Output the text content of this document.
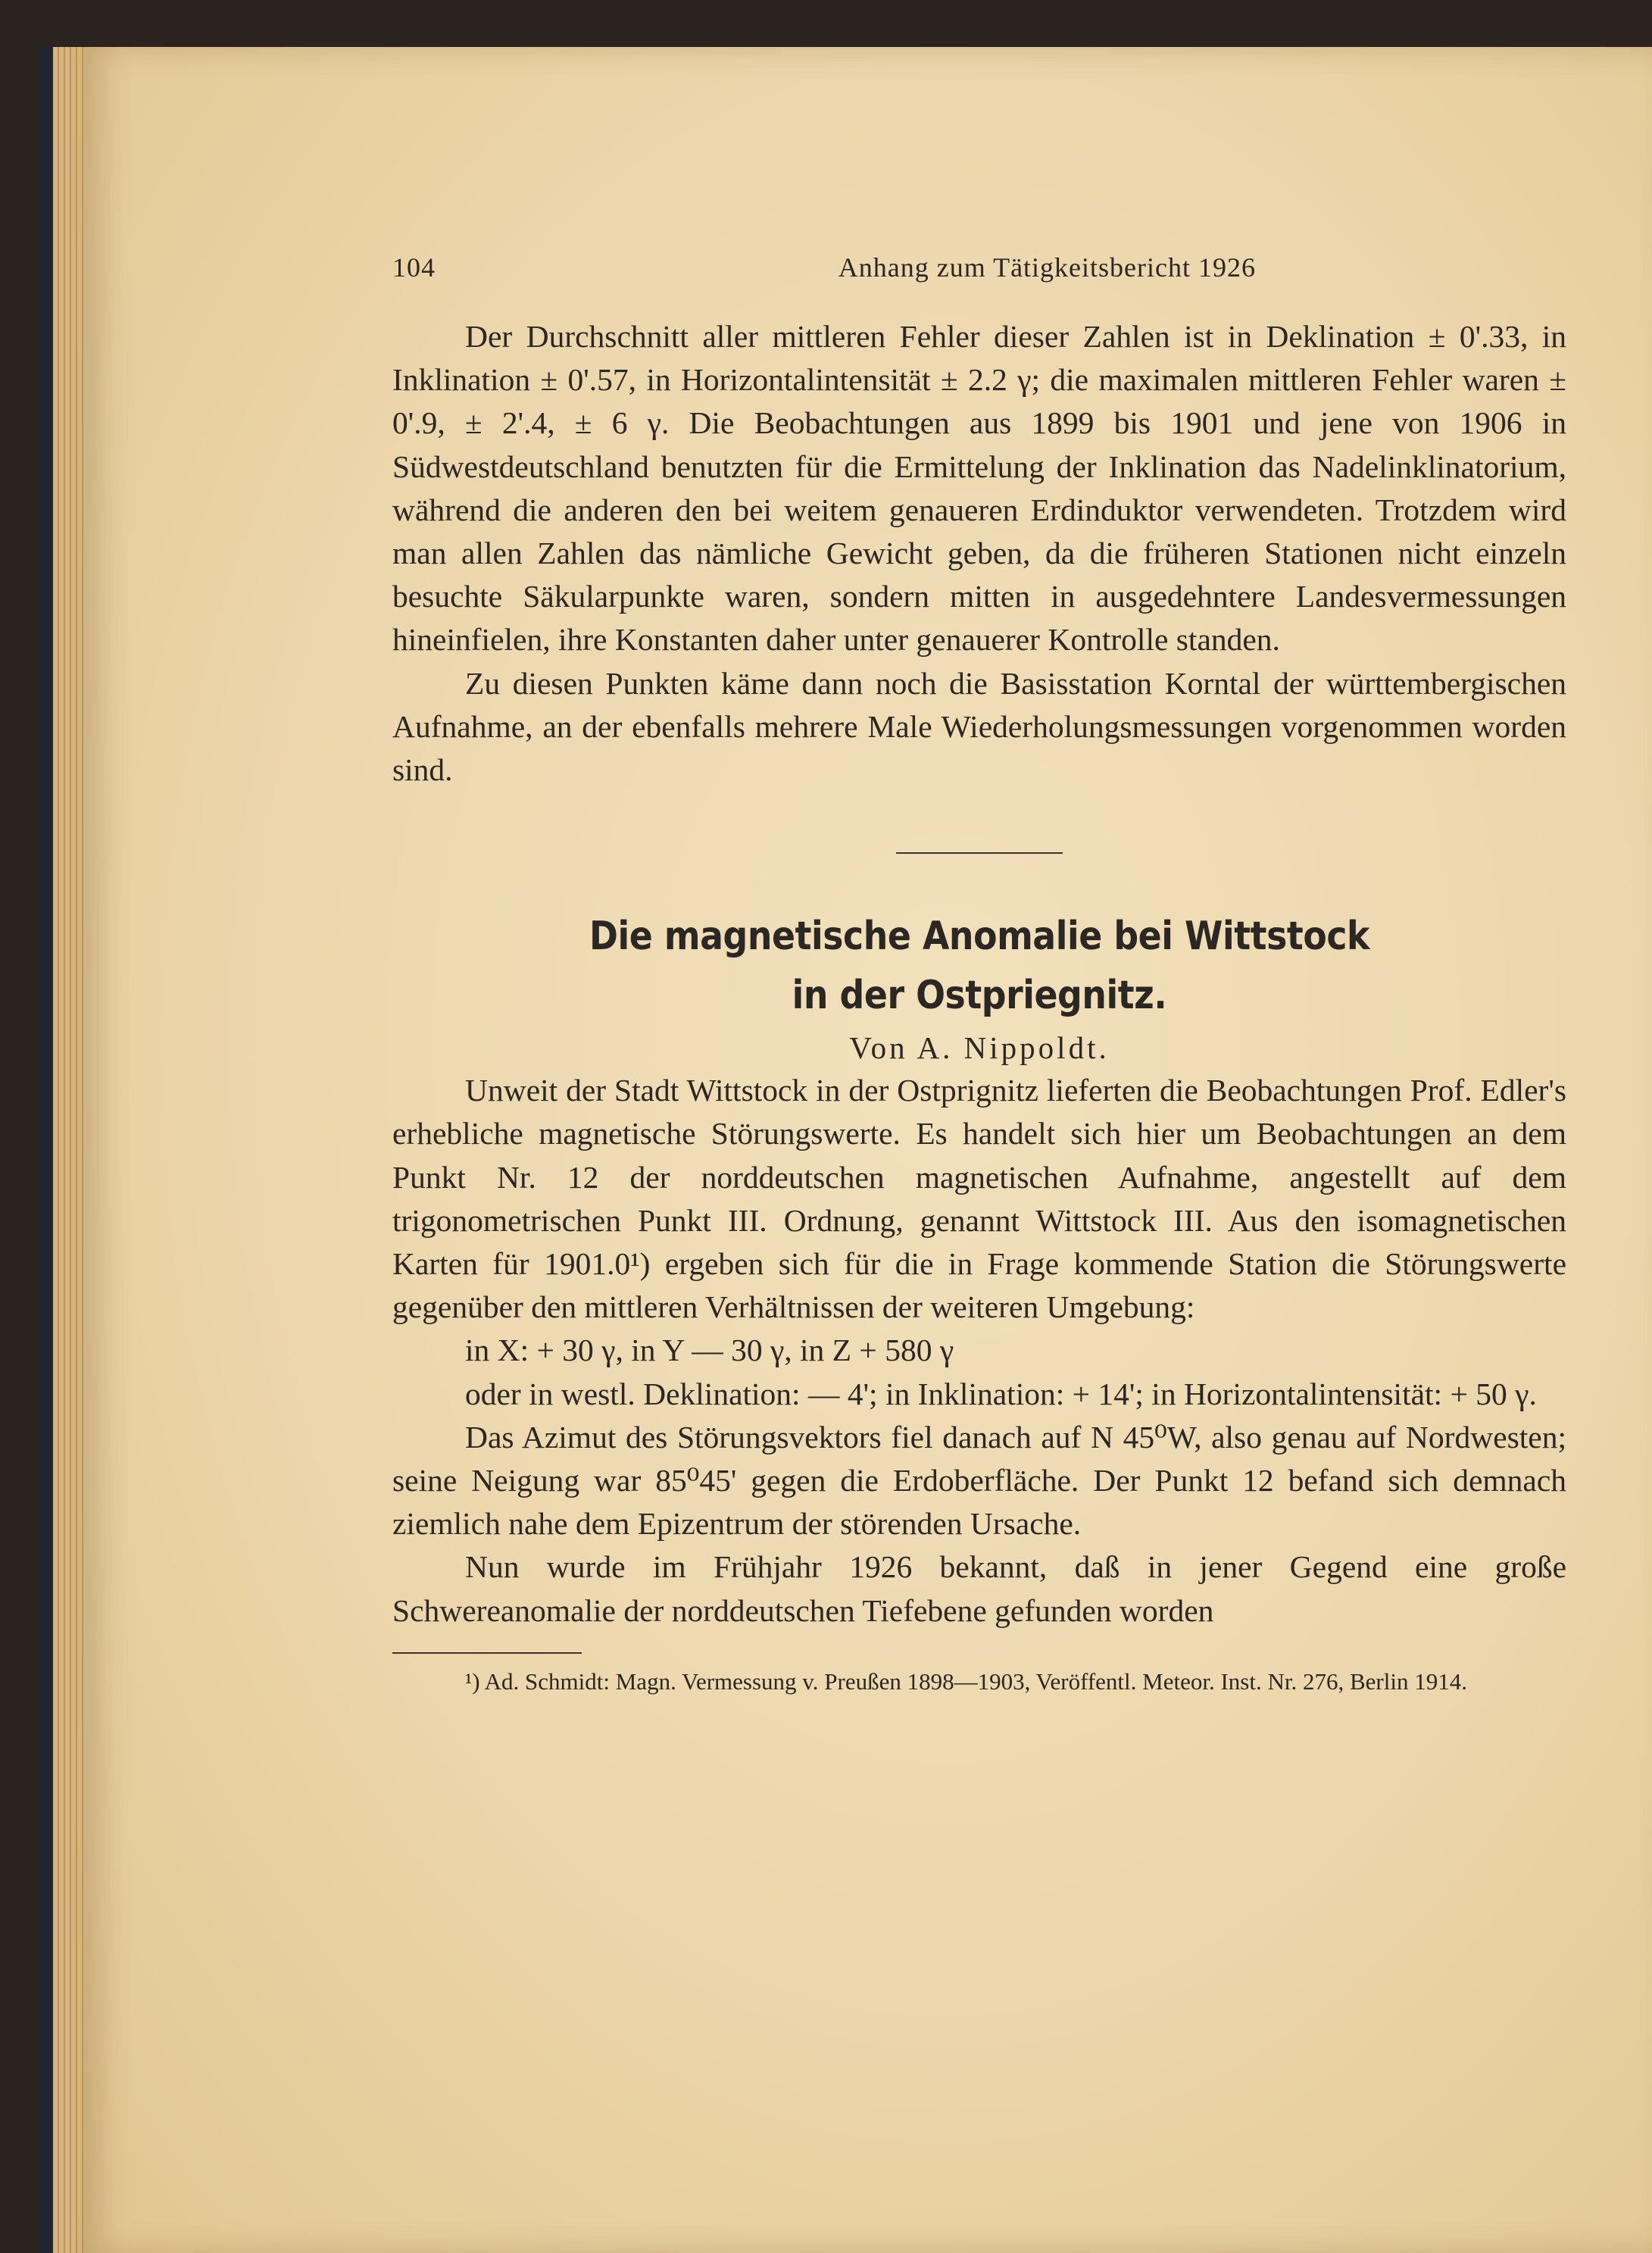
104	Anhang zum Tätigkeitsbericht 1926

Der Durchschnitt aller mittleren Fehler dieser Zahlen ist in Deklination ± 0'.33, in Inklination ± 0'.57, in Horizontalintensität ± 2.2 γ; die maximalen mittleren Fehler waren ± 0'.9, ± 2'.4, ± 6 γ. Die Beobachtungen aus 1899 bis 1901 und jene von 1906 in Südwestdeutschland benutzten für die Ermittelung der Inklination das Nadelinklinatorium, während die anderen den bei weitem genaueren Erdinduktor verwendeten. Trotzdem wird man allen Zahlen das nämliche Gewicht geben, da die früheren Stationen nicht einzeln besuchte Säkularpunkte waren, sondern mitten in ausgedehntere Landesvermessungen hineinfielen, ihre Konstanten daher unter genauerer Kontrolle standen.

Zu diesen Punkten käme dann noch die Basisstation Korntal der württembergischen Aufnahme, an der ebenfalls mehrere Male Wiederholungsmessungen vorgenommen worden sind.

Die magnetische Anomalie bei Wittstock
in der Ostpriegnitz.
Von A. Nippoldt.

Unweit der Stadt Wittstock in der Ostprignitz lieferten die Beobachtungen Prof. Edler's erhebliche magnetische Störungswerte. Es handelt sich hier um Beobachtungen an dem Punkt Nr. 12 der norddeutschen magnetischen Aufnahme, angestellt auf dem trigonometrischen Punkt III. Ordnung, genannt Wittstock III. Aus den isomagnetischen Karten für 1901.0¹) ergeben sich für die in Frage kommende Station die Störungswerte gegenüber den mittleren Verhältnissen der weiteren Umgebung:

in X: + 30 γ, in Y — 30 γ, in Z + 580 γ

oder in westl. Deklination: — 4'; in Inklination: + 14'; in Horizontalintensität: + 50 γ.

Das Azimut des Störungsvektors fiel danach auf N 45⁰W, also genau auf Nordwesten; seine Neigung war 85⁰45' gegen die Erdoberfläche. Der Punkt 12 befand sich demnach ziemlich nahe dem Epizentrum der störenden Ursache.

Nun wurde im Frühjahr 1926 bekannt, daß in jener Gegend eine große Schwereanomalie der norddeutschen Tiefebene gefunden worden

¹) Ad. Schmidt: Magn. Vermessung v. Preußen 1898—1903, Veröffentl. Meteor. Inst. Nr. 276, Berlin 1914.
